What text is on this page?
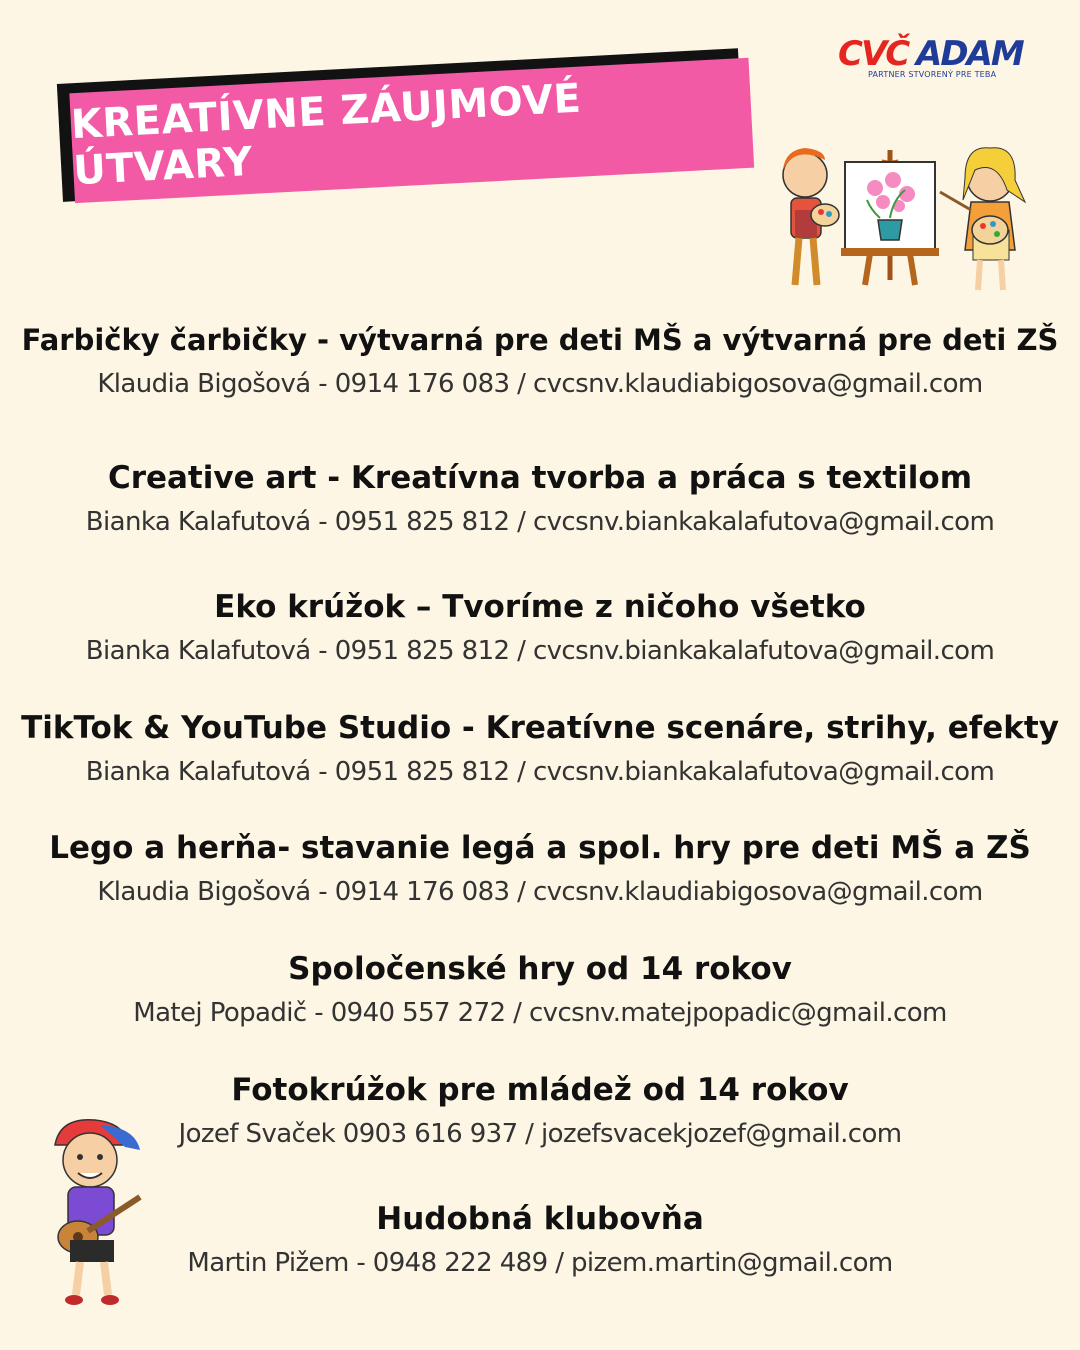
CVČ ADAM
PARTNER STVORENÝ PRE TEBA
KREATÍVNE ZÁUJMOVÉ ÚTVARY
Farbičky čarbičky - výtvarná pre deti MŠ a výtvarná pre deti ZŠ
Klaudia Bigošová - 0914 176 083 / cvcsnv.klaudiabigosova@gmail.com
Creative art - Kreatívna tvorba a práca s textilom
Bianka Kalafutová - 0951 825 812 / cvcsnv.biankakalafutova@gmail.com
Eko krúžok – Tvoríme z ničoho všetko
Bianka Kalafutová - 0951 825 812 / cvcsnv.biankakalafutova@gmail.com
TikTok & YouTube Studio - Kreatívne scenáre, strihy, efekty
Bianka Kalafutová - 0951 825 812 / cvcsnv.biankakalafutova@gmail.com
Lego a herňa- stavanie legá a spol. hry pre deti MŠ a ZŠ
Klaudia Bigošová - 0914 176 083 / cvcsnv.klaudiabigosova@gmail.com
Spoločenské hry od 14 rokov
Matej Popadič - 0940 557 272 / cvcsnv.matejpopadic@gmail.com
Fotokrúžok pre mládež od 14 rokov
Jozef Svaček 0903 616 937 / jozefsvacekjozef@gmail.com
Hudobná klubovňa
Martin Pižem - 0948 222 489 / pizem.martin@gmail.com
